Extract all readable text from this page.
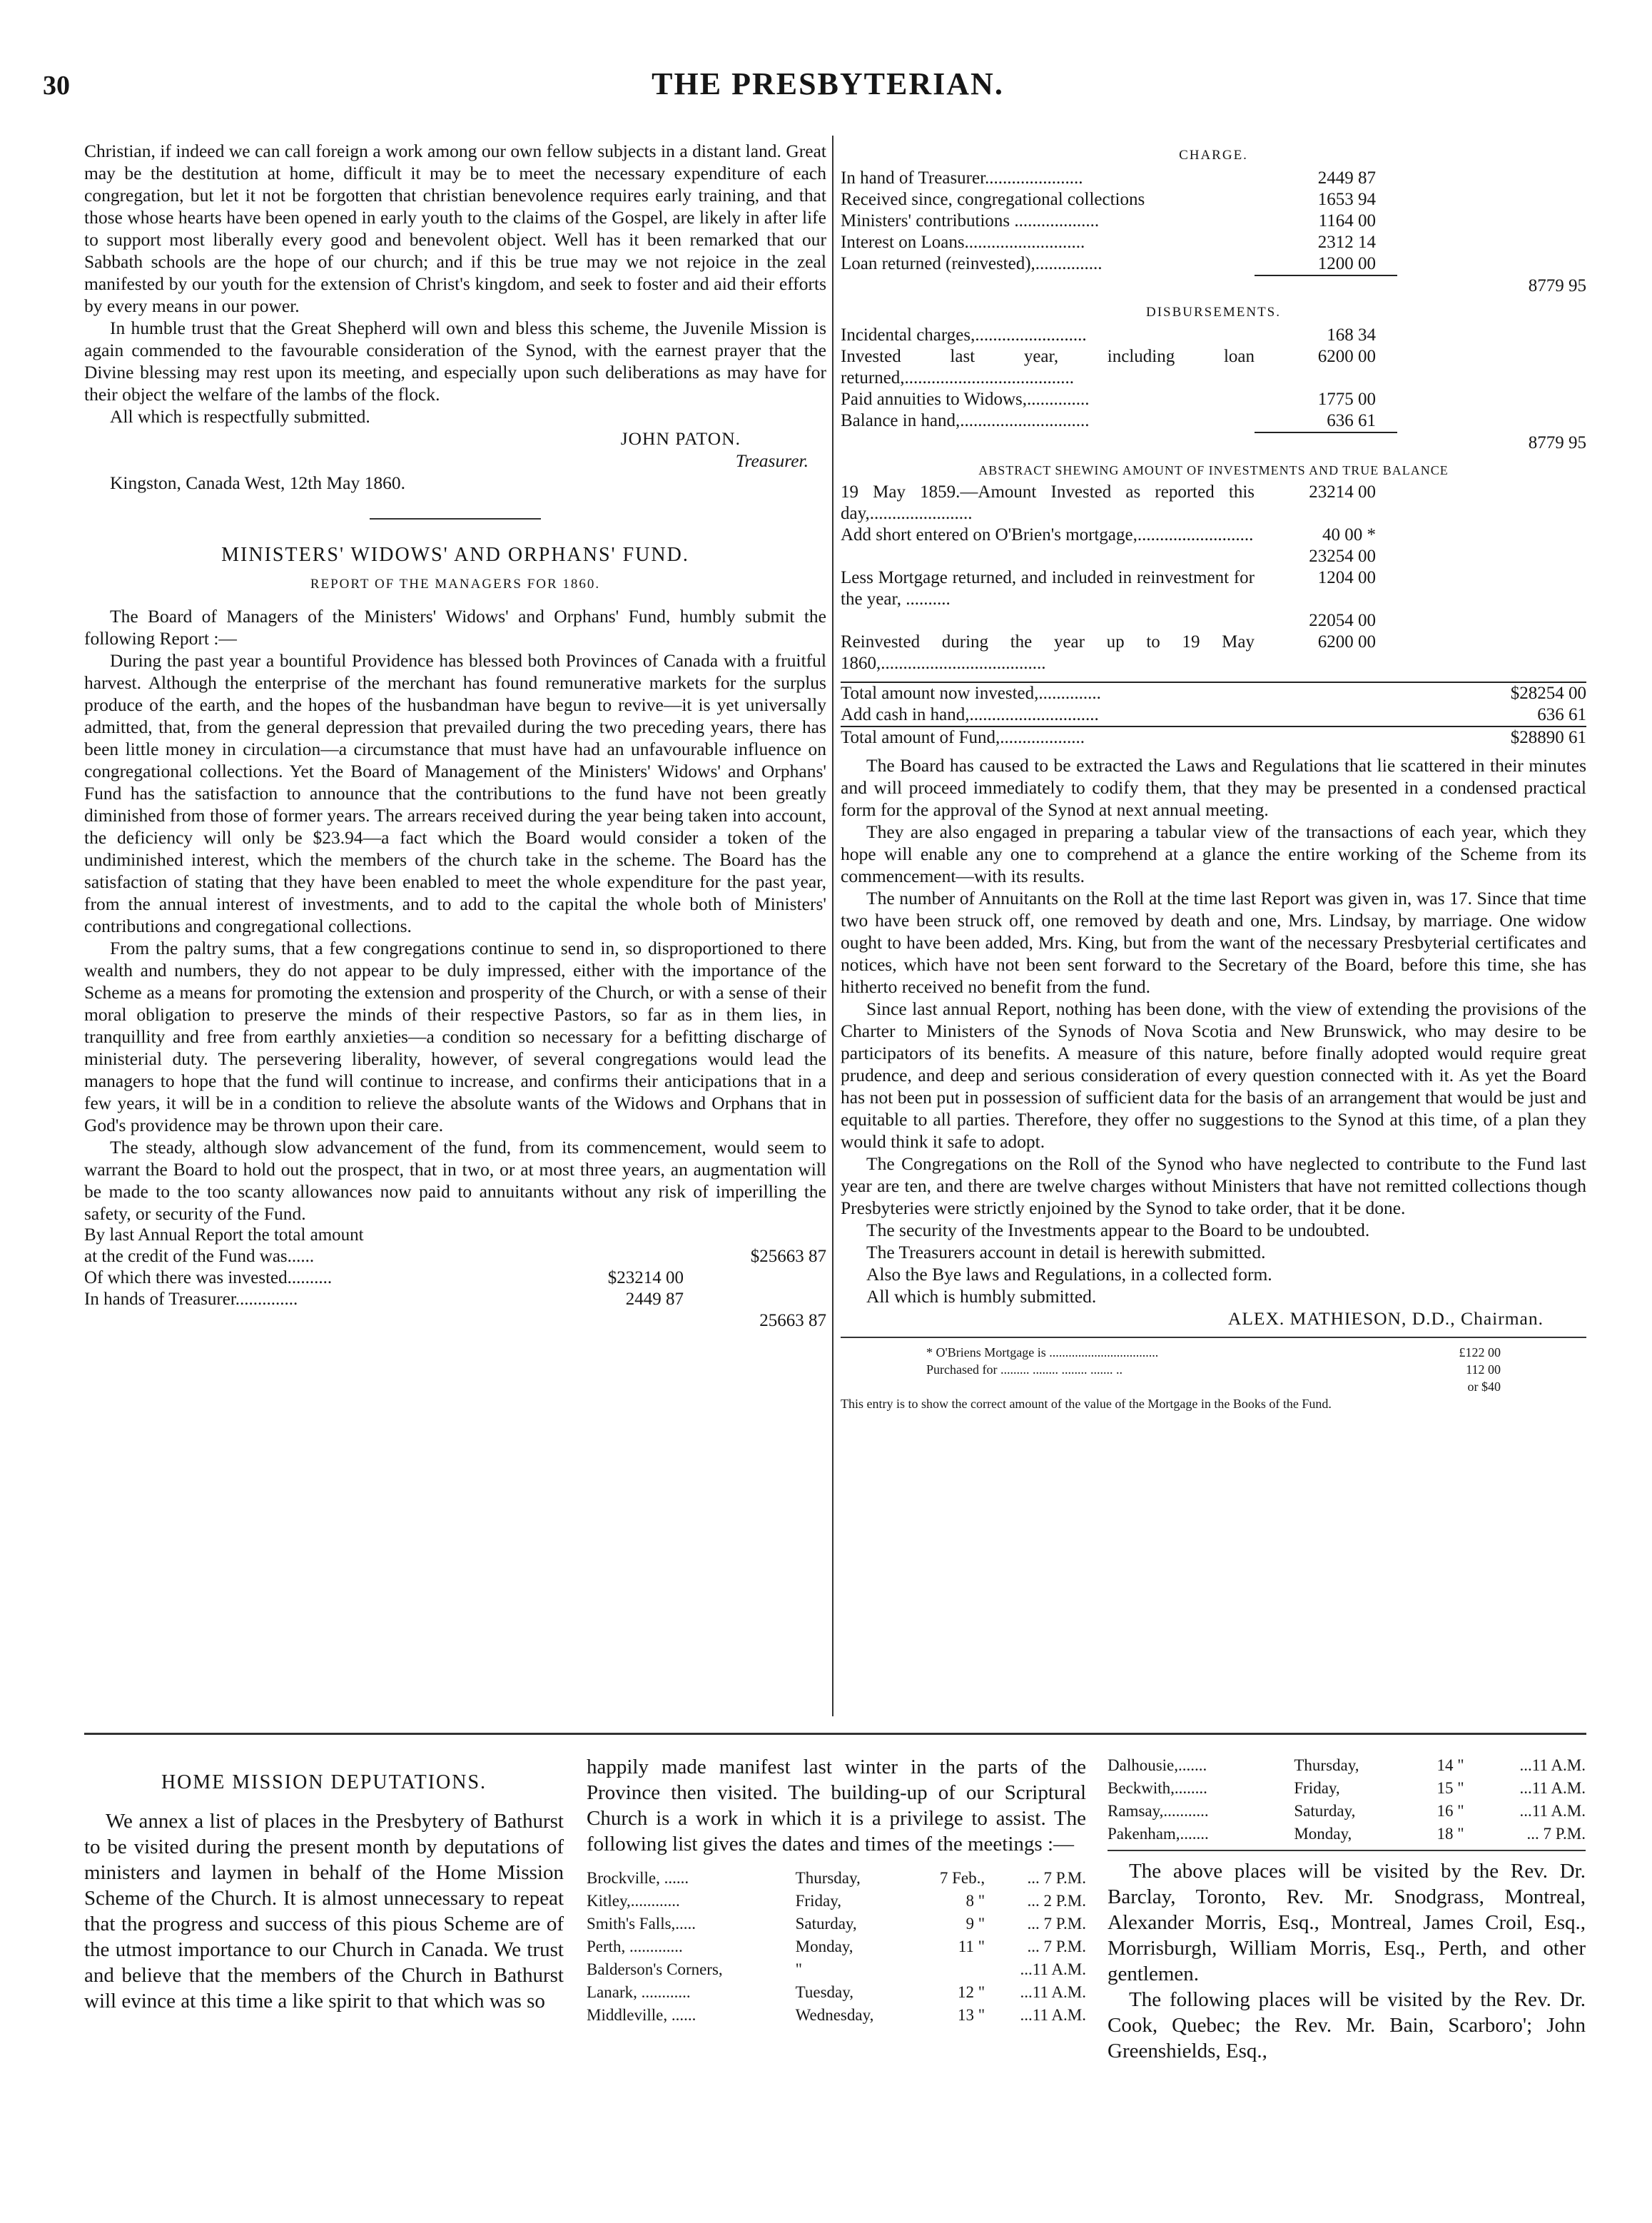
30	THE PRESBYTERIAN.

Christian, if indeed we can call foreign a work among our own fellow subjects in a distant land. Great may be the destitution at home, difficult it may be to meet the necessary expenditure of each congregation, but let it not be forgotten that christian benevolence requires early training, and that those whose hearts have been opened in early youth to the claims of the Gospel, are likely in after life to support most liberally every good and benevolent object. Well has it been remarked that our Sabbath schools are the hope of our church; and if this be true may we not rejoice in the zeal manifested by our youth for the extension of Christ's kingdom, and seek to foster and aid their efforts by every means in our power.

In humble trust that the Great Shepherd will own and bless this scheme, the Juvenile Mission is again commended to the favourable consideration of the Synod, with the earnest prayer that the Divine blessing may rest upon its meeting, and especially upon such deliberations as may have for their object the welfare of the lambs of the flock.

All which is respectfully submitted.

JOHN PATON.
Treasurer.

Kingston, Canada West, 12th May 1860.

MINISTERS' WIDOWS' AND ORPHANS' FUND.
REPORT OF THE MANAGERS FOR 1860.

The Board of Managers of the Ministers' Widows' and Orphans' Fund, humbly submit the following Report :—

During the past year a bountiful Providence has blessed both Provinces of Canada with a fruitful harvest. Although the enterprise of the merchant has found remunerative markets for the surplus produce of the earth, and the hopes of the husbandman have begun to revive—it is yet universally admitted, that, from the general depression that prevailed during the two preceding years, there has been little money in circulation—a circumstance that must have had an unfavourable influence on congregational collections. Yet the Board of Management of the Ministers' Widows' and Orphans' Fund has the satisfaction to announce that the contributions to the fund have not been greatly diminished from those of former years. The arrears received during the year being taken into account, the deficiency will only be $23.94—a fact which the Board would consider a token of the undiminished interest, which the members of the church take in the scheme. The Board has the satisfaction of stating that they have been enabled to meet the whole expenditure for the past year, from the annual interest of investments, and to add to the capital the whole both of Ministers' contributions and congregational collections.

From the paltry sums, that a few congregations continue to send in, so disproportioned to there wealth and numbers, they do not appear to be duly impressed, either with the importance of the Scheme as a means for promoting the extension and prosperity of the Church, or with a sense of their moral obligation to preserve the minds of their respective Pastors, so far as in them lies, in tranquillity and free from earthly anxieties—a condition so necessary for a befitting discharge of ministerial duty. The persevering liberality, however, of several congregations would lead the managers to hope that the fund will continue to increase, and confirms their anticipations that in a few years, it will be in a condition to relieve the absolute wants of the Widows and Orphans that in God's providence may be thrown upon their care.

The steady, although slow advancement of the fund, from its commencement, would seem to warrant the Board to hold out the prospect, that in two, or at most three years, an augmentation will be made to the too scanty allowances now paid to annuitants without any risk of imperilling the safety, or security of the Fund.

By last Annual Report the total amount		
at the credit of the Fund was......		$25663 87
Of which there was invested..........	$23214 00	
In hands of Treasurer..............	2449 87	
		25663 87
CHARGE.
In hand of Treasurer......................	2449 87	
Received since, congregational collections	1653 94	
Ministers' contributions ...................	1164 00	
Interest on Loans...........................	2312 14	
Loan returned (reinvested),...............	1200 00	
		8779 95
DISBURSEMENTS.
Incidental charges,.........................	168 34	
Invested last year, including loan returned,......................................	6200 00	
Paid annuities to Widows,..............	1775 00	
Balance in hand,.............................	636 61	
		8779 95
ABSTRACT SHEWING AMOUNT OF INVESTMENTS AND TRUE BALANCE
19 May 1859.—Amount Invested as reported this day,.......................	23214 00	
Add short entered on O'Brien's mortgage,..........................	40 00 *	
	23254 00	
Less Mortgage returned, and included in reinvestment for the year, ..........	1204 00	
	22054 00	
Reinvested during the year up to 19 May 1860,.....................................	6200 00	
Total amount now invested,..............	$28254 00
Add cash in hand,.............................	636 61
Total amount of Fund,...................	$28890 61

The Board has caused to be extracted the Laws and Regulations that lie scattered in their minutes and will proceed immediately to codify them, that they may be presented in a condensed practical form for the approval of the Synod at next annual meeting.

They are also engaged in preparing a tabular view of the transactions of each year, which they hope will enable any one to comprehend at a glance the entire working of the Scheme from its commencement—with its results.

The number of Annuitants on the Roll at the time last Report was given in, was 17. Since that time two have been struck off, one removed by death and one, Mrs. Lindsay, by marriage. One widow ought to have been added, Mrs. King, but from the want of the necessary Presbyterial certificates and notices, which have not been sent forward to the Secretary of the Board, before this time, she has hitherto received no benefit from the fund.

Since last annual Report, nothing has been done, with the view of extending the provisions of the Charter to Ministers of the Synods of Nova Scotia and New Brunswick, who may desire to be participators of its benefits. A measure of this nature, before finally adopted would require great prudence, and deep and serious consideration of every question connected with it. As yet the Board has not been put in possession of sufficient data for the basis of an arrangement that would be just and equitable to all parties. Therefore, they offer no suggestions to the Synod at this time, of a plan they would think it safe to adopt.

The Congregations on the Roll of the Synod who have neglected to contribute to the Fund last year are ten, and there are twelve charges without Ministers that have not remitted collections though Presbyteries were strictly enjoined by the Synod to take order, that it be done.

The security of the Investments appear to the Board to be undoubted.

The Treasurers account in detail is herewith submitted.

Also the Bye laws and Regulations, in a collected form.

All which is humbly submitted.

ALEX. MATHIESON, D.D., Chairman.
* O'Briens Mortgage is ..................................	£122 00
Purchased for ......... ........ ........ ....... ..	112 00
	or $40
This entry is to show the correct amount of the value of the Mortgage in the Books of the Fund.
HOME MISSION DEPUTATIONS.

We annex a list of places in the Presbytery of Bathurst to be visited during the present month by deputations of ministers and laymen in behalf of the Home Mission Scheme of the Church. It is almost unnecessary to repeat that the progress and success of this pious Scheme are of the utmost importance to our Church in Canada. We trust and believe that the members of the Church in Bathurst will evince at this time a like spirit to that which was so

happily made manifest last winter in the parts of the Province then visited. The building-up of our Scriptural Church is a work in which it is a privilege to assist. The following list gives the dates and times of the meetings :—

Brockville, ......	Thursday,	7 Feb.,	... 7 P.M.
Kitley,............	Friday,	8 "	... 2 P.M.
Smith's Falls,.....	Saturday,	9 "	... 7 P.M.
Perth, .............	Monday,	11 "	... 7 P.M.
Balderson's Corners,	"		...11 A.M.
Lanark, ............	Tuesday,	12 "	...11 A.M.
Middleville, ......	Wednesday,	13 "	...11 A.M.
Dalhousie,.......	Thursday,	14 "	...11 A.M.
Beckwith,........	Friday,	15 "	...11 A.M.
Ramsay,...........	Saturday,	16 "	...11 A.M.
Pakenham,.......	Monday,	18 "	... 7 P.M.

The above places will be visited by the Rev. Dr. Barclay, Toronto, Rev. Mr. Snodgrass, Montreal, Alexander Morris, Esq., Montreal, James Croil, Esq., Morrisburgh, William Morris, Esq., Perth, and other gentlemen.

The following places will be visited by the Rev. Dr. Cook, Quebec; the Rev. Mr. Bain, Scarboro'; John Greenshields, Esq.,
